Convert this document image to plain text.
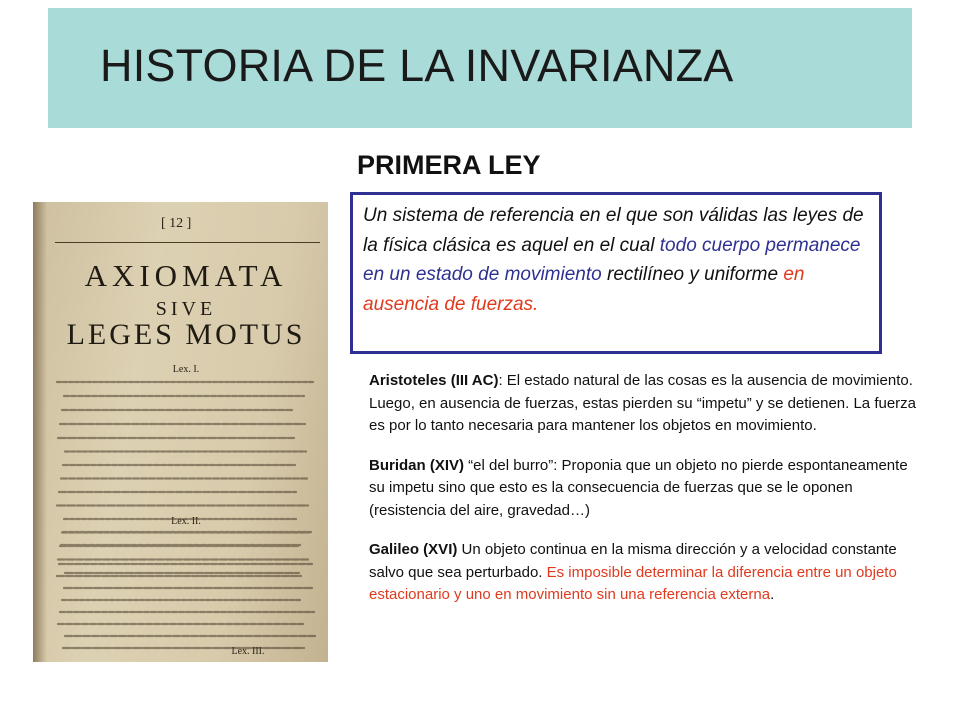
HISTORIA DE LA INVARIANZA
PRIMERA LEY
Un sistema de referencia en el que son válidas las leyes de la física clásica es aquel en el cual todo cuerpo permanece en un estado de movimiento rectilíneo y uniforme en ausencia de fuerzas.
[ 12 ]
AXIOMATA
SIVE
LEGES MOTUS
Lex. I.
Lex. II.
Lex. III.

Aristoteles (III AC): El estado natural de las cosas es la ausencia de movimiento. Luego, en ausencia de fuerzas, estas pierden su “impetu” y se detienen. La fuerza es por lo tanto necesaria para mantener los objetos en movimiento.

Buridan (XIV) “el del burro”: Proponia que un objeto no pierde espontaneamente su impetu sino que esto es la consecuencia de fuerzas que se le oponen (resistencia del aire, gravedad…)

Galileo (XVI) Un objeto continua en la misma dirección y a velocidad constante salvo que sea perturbado. Es imposible determinar la diferencia entre un objeto estacionario y uno en movimiento sin una referencia externa.
